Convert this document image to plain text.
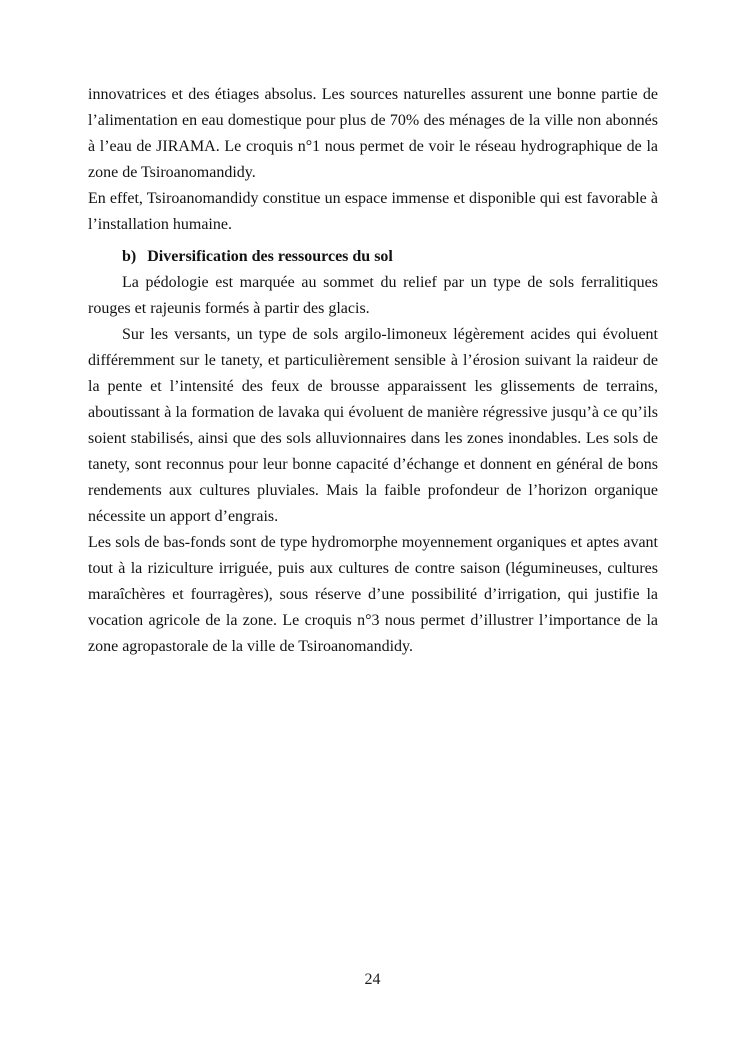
innovatrices et des étiages absolus. Les sources naturelles assurent une bonne partie de l’alimentation en eau domestique pour plus de 70% des ménages de la ville non abonnés à l’eau de JIRAMA. Le croquis n°1 nous permet de voir le réseau hydrographique de la zone de Tsiroanomandidy.

En effet, Tsiroanomandidy constitue un espace immense et disponible qui est favorable à l’installation humaine.

b) Diversification des ressources du sol

La pédologie est marquée au sommet du relief par un type de sols ferralitiques rouges et rajeunis formés à partir des glacis.

Sur les versants, un type de sols argilo-limoneux légèrement acides qui évoluent différemment sur le tanety, et particulièrement sensible à l’érosion suivant la raideur de la pente et l’intensité des feux de brousse apparaissent les glissements de terrains, aboutissant à la formation de lavaka qui évoluent de manière régressive jusqu’à ce qu’ils soient stabilisés, ainsi que des sols alluvionnaires dans les zones inondables. Les sols de tanety, sont reconnus pour leur bonne capacité d’échange et donnent en général de bons rendements aux cultures pluviales. Mais la faible profondeur de l’horizon organique nécessite un apport d’engrais.

Les sols de bas-fonds sont de type hydromorphe moyennement organiques et aptes avant tout à la riziculture irriguée, puis aux cultures de contre saison (légumineuses, cultures maraîchères et fourragères), sous réserve d’une possibilité d’irrigation, qui justifie la vocation agricole de la zone. Le croquis n°3 nous permet d’illustrer l’importance de la zone agropastorale de la ville de Tsiroanomandidy.

24
